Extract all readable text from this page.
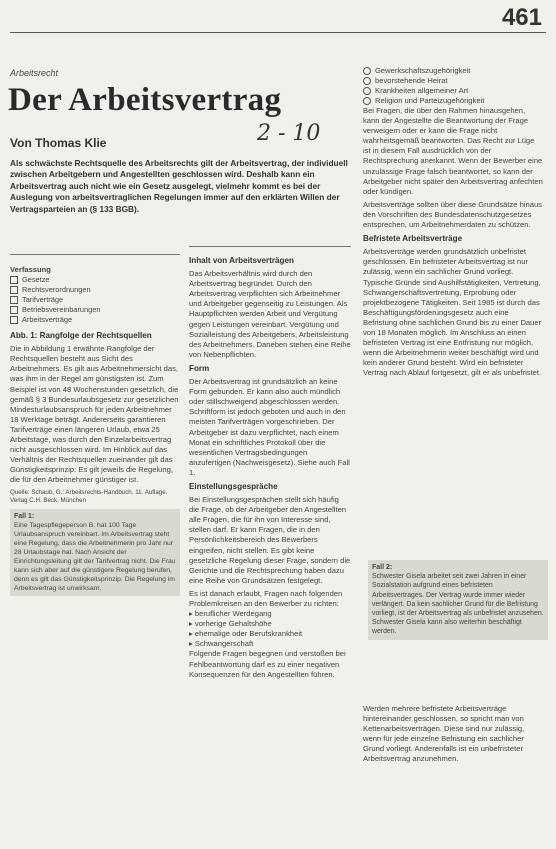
461
Arbeitsrecht
Der Arbeitsvertrag
2 - 10
Von Thomas Klie
Als schwächste Rechtsquelle des Arbeitsrechts gilt der Arbeitsvertrag, der individuell zwischen Arbeitgebern und Angestellten geschlossen wird. Deshalb kann ein Arbeitsvertrag auch nicht wie ein Gesetz ausgelegt, vielmehr kommt es bei der Auslegung von arbeitsvertraglichen Regelungen immer auf den erklärten Willen der Vertragsparteien an (§ 133 BGB).
Verfassung
Gesetze
Rechtsverordnungen
Tarifverträge
Betriebsvereinbarungen
Arbeitsverträge
Abb. 1: Rangfolge der Rechtsquellen

Die in Abbildung 1 erwähnte Rangfolge der Rechtsquellen besteht aus Sicht des Arbeitnehmers. Es gilt aus Arbeitnehmersicht das, was ihm in der Regel am günstigsten ist. Zum Beispiel ist von 48 Wochenstunden gesetzlich, die gemäß § 3 Bundesurlaubsgesetz zur gesetzlichen Mindesturlaubsanspruch für jeden Arbeitnehmer 18 Werktage beträgt. Andererseits garantieren Tarifverträge einen längeren Urlaub, etwa 25 Arbeitstage, was durch den Einzelarbeitsvertrag nicht ausgeschlossen wird. Im Hinblick auf das Verhältnis der Rechtsquellen zueinander gilt das Günstigkeitsprinzip: Es gilt jeweils die Regelung, die für den Arbeitnehmer günstiger ist.

Quelle: Schaub, G.: Arbeitsrechts-Handbuch. 11. Auflage. Verlag C.H. Beck, München
Fall 1:
Eine Tagespflegeperson B. hat 100 Tage Urlaubsanspruch vereinbart. Im Arbeitsvertrag steht eine Regelung, dass die Arbeitnehmerin pro Jahr nur 28 Urlaubstage hat. Nach Ansicht der Einrichtungsleitung gilt der Tarifvertrag nicht. Die Frau kann sich aber auf die günstigere Regelung berufen, denn es gilt das Günstigkeitsprinzip. Die Regelung im Arbeitsvertrag ist unwirksam.
Inhalt von Arbeitsverträgen

Das Arbeitsverhältnis wird durch den Arbeitsvertrag begründet. Durch den Arbeitsvertrag verpflichten sich Arbeitnehmer und Arbeitgeber gegenseitig zu Leistungen. Als Hauptpflichten werden Arbeit und Vergütung gegen Leistungen vereinbart. Vergütung und Sozialleistung des Arbeitgebers, Arbeitsleistung des Arbeitnehmers. Daneben stehen eine Reihe von Nebenpflichten.

Form

Der Arbeitsvertrag ist grundsätzlich an keine Form gebunden. Er kann also auch mündlich oder stillschweigend abgeschlossen werden. Schriftform ist jedoch geboten und auch in den meisten Tarifverträgen vorgeschrieben. Der Arbeitgeber ist dazu verpflichtet, nach einem Monat ein schriftliches Protokoll über die wesentlichen Vertragsbedingungen anzufertigen (Nachweisgesetz). Siehe auch Fall 1.

Einstellungsgespräche

Bei Einstellungsgesprächen stellt sich häufig die Frage, ob der Arbeitgeber den Angestellten alle Fragen, die für ihn von Interesse sind, stellen darf. Er kann Fragen, die in den Persönlichkeitsbereich des Bewerbers eingreifen, nicht stellen. Es gibt keine gesetzliche Regelung dieser Frage, sondern die Gerichte und die Rechtsprechung haben dazu eine Reihe von Grundsätzen festgelegt.

Es ist danach erlaubt, Fragen nach folgenden Problemkreisen an den Bewerber zu richten:

▸ beruflicher Werdegang
▸ vorherige Gehaltshöhe
▸ ehemalige oder Berufskrankheit
▸ Schwangerschaft

Folgende Fragen begegnen und verstoßen bei Fehlbeantwortung darf es zu einer negativen Konsequenzen für den Angestellten führen.

Gewerkschaftszugehörigkeit
bevorstehende Heirat
Krankheiten allgemeiner Art
Religion und Parteizugehörigkeit

Bei Fragen, die über den Rahmen hinausgehen, kann der Angestellte die Beantwortung der Frage verweigern oder er kann die Frage nicht wahrheitsgemäß beantworten. Das Recht zur Lüge ist in diesem Fall ausdrücklich von der Rechtsprechung anerkannt. Wenn der Bewerber eine unzulässige Frage falsch beantwortet, so kann der Arbeitgeber nicht später den Arbeitsvertrag anfechten oder kündigen.

Arbeitsverträge sollten über diese Grundsätze hinaus den Vorschriften des Bundesdatenschutzgesetzes entsprechen, um Arbeitnehmerdaten zu schützen.

Befristete Arbeitsverträge

Arbeitsverträge werden grundsätzlich unbefristet geschlossen. Ein befristeter Arbeitsvertrag ist nur zulässig, wenn ein sachlicher Grund vorliegt. Typische Gründe sind Aushilfstätigkeiten, Vertretung, Schwangerschaftsvertretung, Erprobung oder projektbezogene Tätigkeiten. Seit 1985 ist durch das Beschäftigungsförderungsgesetz auch eine Befristung ohne sachlichen Grund bis zu einer Dauer von 18 Monaten möglich. Im Anschluss an einen befristeten Vertrag ist eine Entfristung nur möglich, wenn die Arbeitnehmerin weiter beschäftigt wird und kein anderer Grund besteht. Wird ein befristeter Vertrag nach Ablauf fortgesetzt, gilt er als unbefristet.

Fall 2:
Schwester Gisela arbeitet seit zwei Jahren in einer Sozialstation aufgrund eines befristeten Arbeitsvertrages. Der Vertrag wurde immer wieder verlängert. Da kein sachlicher Grund für die Befristung vorliegt, ist der Arbeitsvertrag als unbefristet anzusehen. Schwester Gisela kann also weiterhin beschäftigt werden.

Werden mehrere befristete Arbeitsverträge hintereinander geschlossen, so spricht man von Kettenarbeitsverträgen. Diese sind nur zulässig, wenn für jede einzelne Befristung ein sachlicher Grund vorliegt. Anderenfalls ist ein unbefristeter Arbeitsvertrag anzunehmen.
